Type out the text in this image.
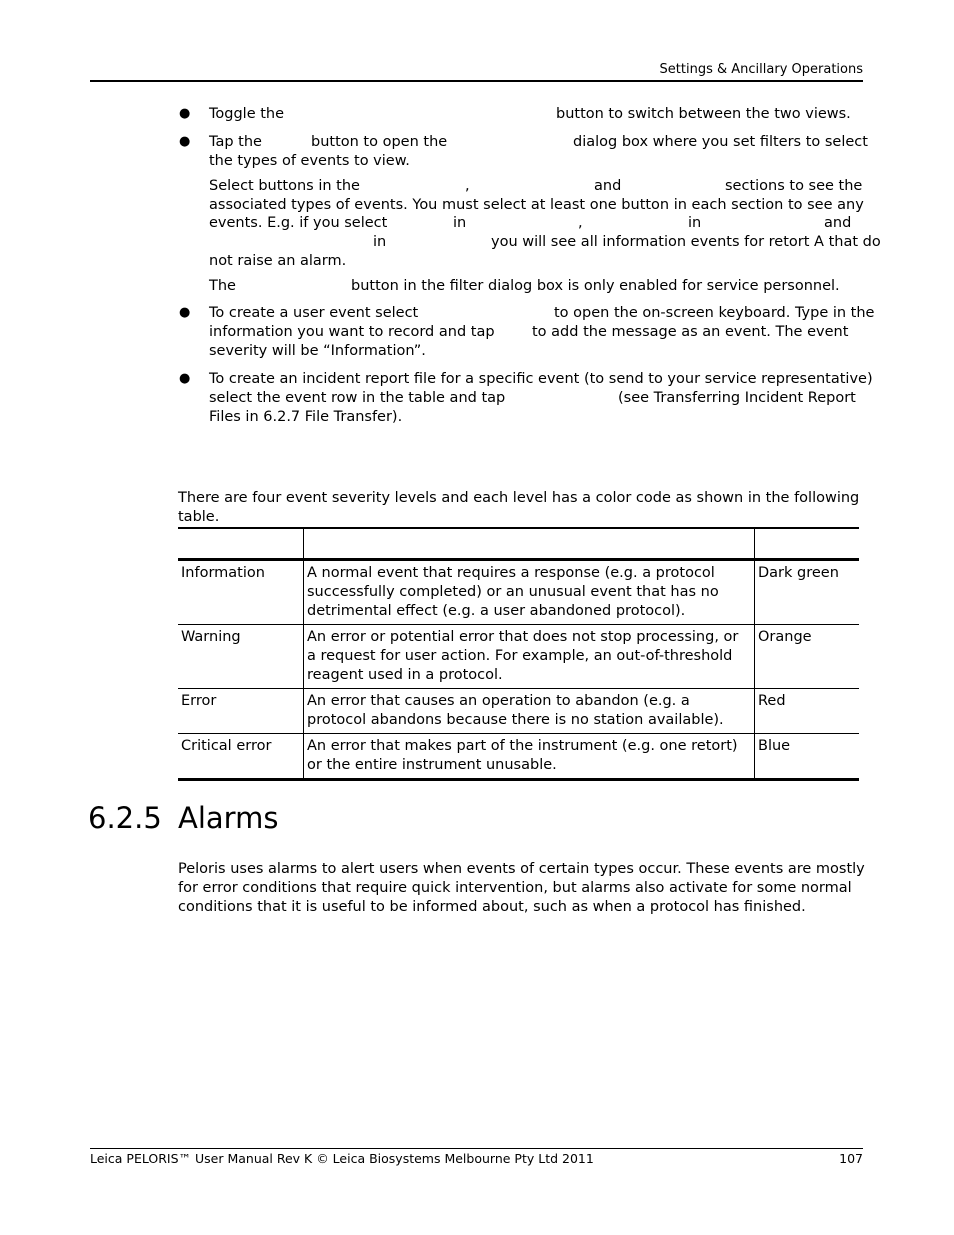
Settings & Ancillary Operations
● Toggle the	button to switch between the two views.
● Tap the	button to open the	dialog box where you set filters to select
the types of events to view.
Select buttons in the	,	and	sections to see the
associated types of events. You must select at least one button in each section to see any
events. E.g. if you select	in	,	in	and
in	you will see all information events for retort A that do
not raise an alarm.
The	button in the filter dialog box is only enabled for service personnel.
● To create a user event select	to open the on-screen keyboard. Type in the
information you want to record and tap	to add the message as an event. The event
severity will be “Information”.
● To create an incident report file for a specific event (to send to your service representative)
select the event row in the table and tap	(see Transferring Incident Report
Files in 6.2.7 File Transfer).
There are four event severity levels and each level has a color code as shown in the following table.

Information	A normal event that requires a response (e.g. a protocol successfully completed) or an unusual event that has no detrimental effect (e.g. a user abandoned protocol).	Dark green
Warning	An error or potential error that does not stop processing, or a request for user action. For example, an out-of-threshold reagent used in a protocol.	Orange
Error	An error that causes an operation to abandon (e.g. a protocol abandons because there is no station available).	Red
Critical error	An error that makes part of the instrument (e.g. one retort) or the entire instrument unusable.	Blue
6.2.5 Alarms
Peloris uses alarms to alert users when events of certain types occur. These events are mostly for error conditions that require quick intervention, but alarms also activate for some normal conditions that it is useful to be informed about, such as when a protocol has finished.
Leica PELORIS™ User Manual Rev K © Leica Biosystems Melbourne Pty Ltd 2011	107
